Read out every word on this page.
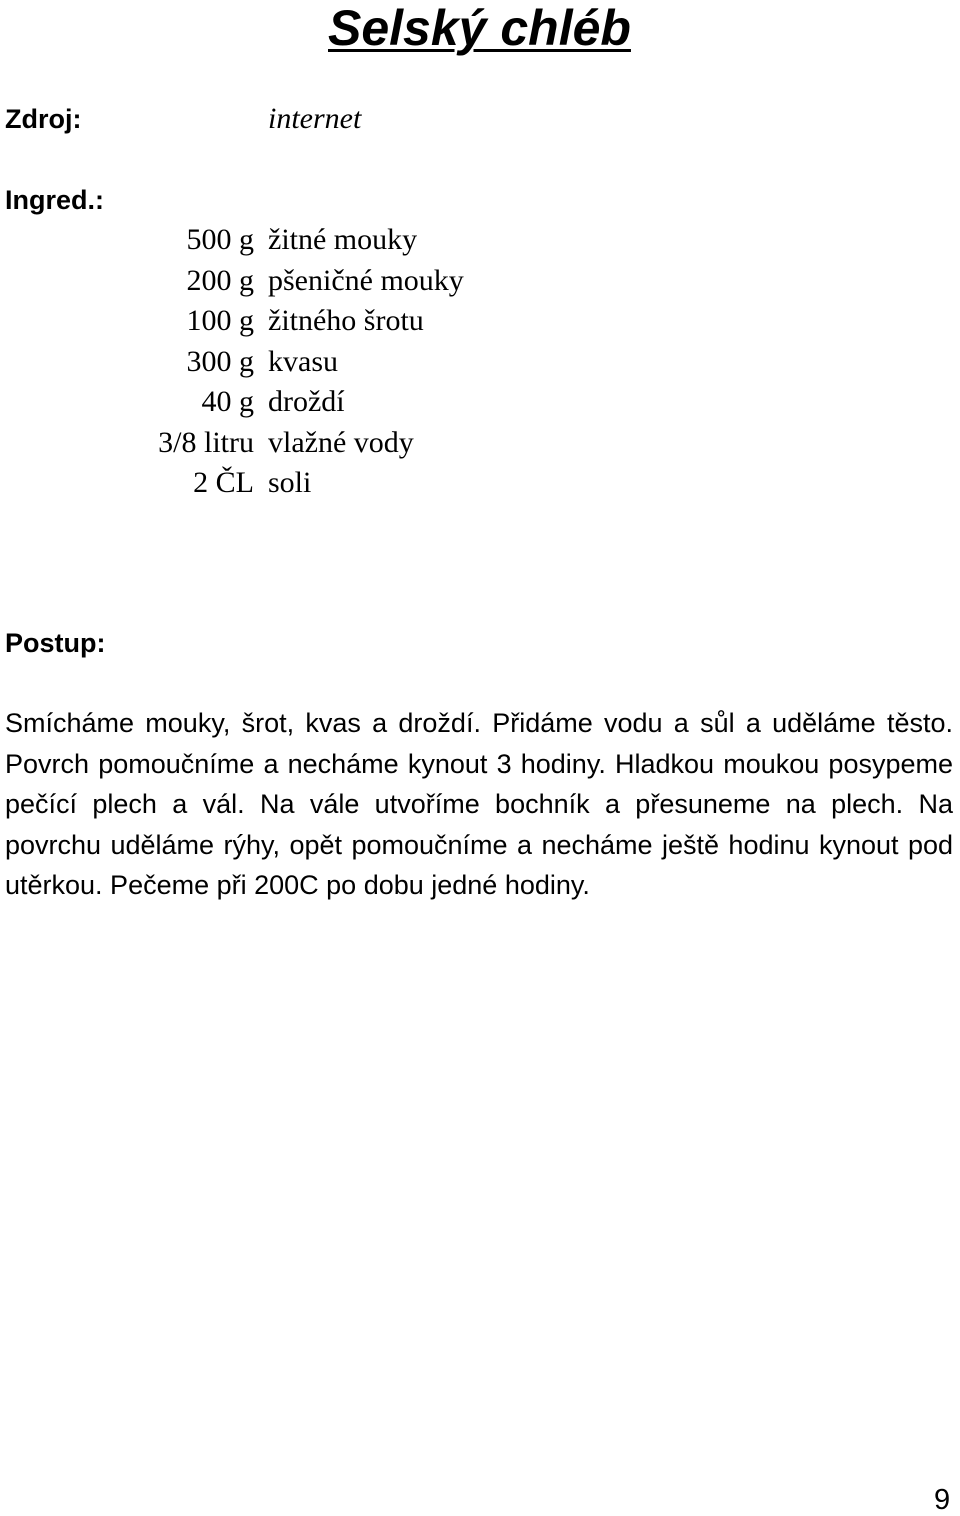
Selský chléb
Zdroj:	internet
Ingred.:
500 g žitné mouky
200 g pšeničné mouky
100 g žitného šrotu
300 g kvasu
40 g droždí
3/8 litru vlažné vody
2 ČL soli
Postup:

Smícháme mouky, šrot, kvas a droždí. Přidáme vodu a sůl a uděláme těsto. Povrch pomoučníme a necháme kynout 3 hodiny. Hladkou moukou posypeme pečící plech a vál. Na vále utvoříme bochník a přesuneme na plech. Na povrchu uděláme rýhy, opět pomoučníme a necháme ještě hodinu kynout pod utěrkou. Pečeme při 200C po dobu jedné hodiny.

9
